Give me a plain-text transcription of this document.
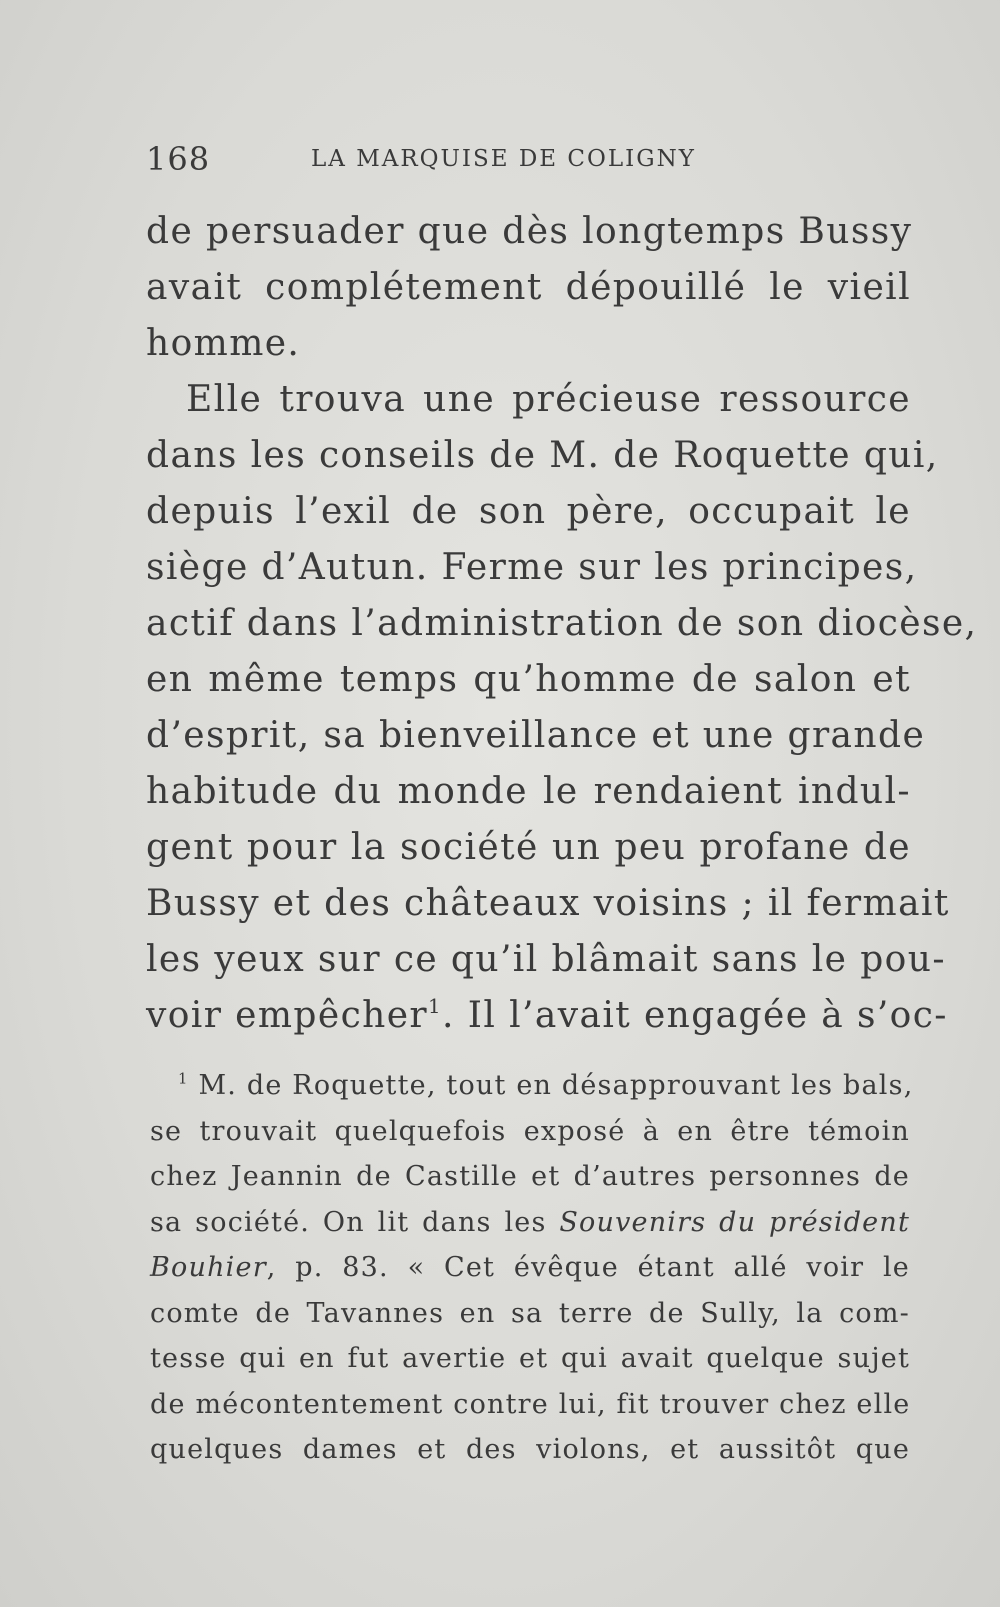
168	LA MARQUISE DE COLIGNY
de persuader que dès longtemps Bussy
avait complétement dépouillé le vieil
homme.
Elle trouva une précieuse ressource
dans les conseils de M. de Roquette qui,
depuis l’exil de son père, occupait le
siège d’Autun. Ferme sur les principes,
actif dans l’administration de son diocèse,
en même temps qu’homme de salon et
d’esprit, sa bienveillance et une grande
habitude du monde le rendaient indul-
gent pour la société un peu profane de
Bussy et des châteaux voisins ; il fermait
les yeux sur ce qu’il blâmait sans le pou-
voir empêcher$^1$. Il l’avait engagée à s’oc-
$^1$ M. de Roquette, tout en désapprouvant les bals,
se trouvait quelquefois exposé à en être témoin
chez Jeannin de Castille et d’autres personnes de
sa société. On lit dans les Souvenirs du président
Bouhier, p. 83. « Cet évêque étant allé voir le
comte de Tavannes en sa terre de Sully, la com-
tesse qui en fut avertie et qui avait quelque sujet
de mécontentement contre lui, fit trouver chez elle
quelques dames et des violons, et aussitôt que
